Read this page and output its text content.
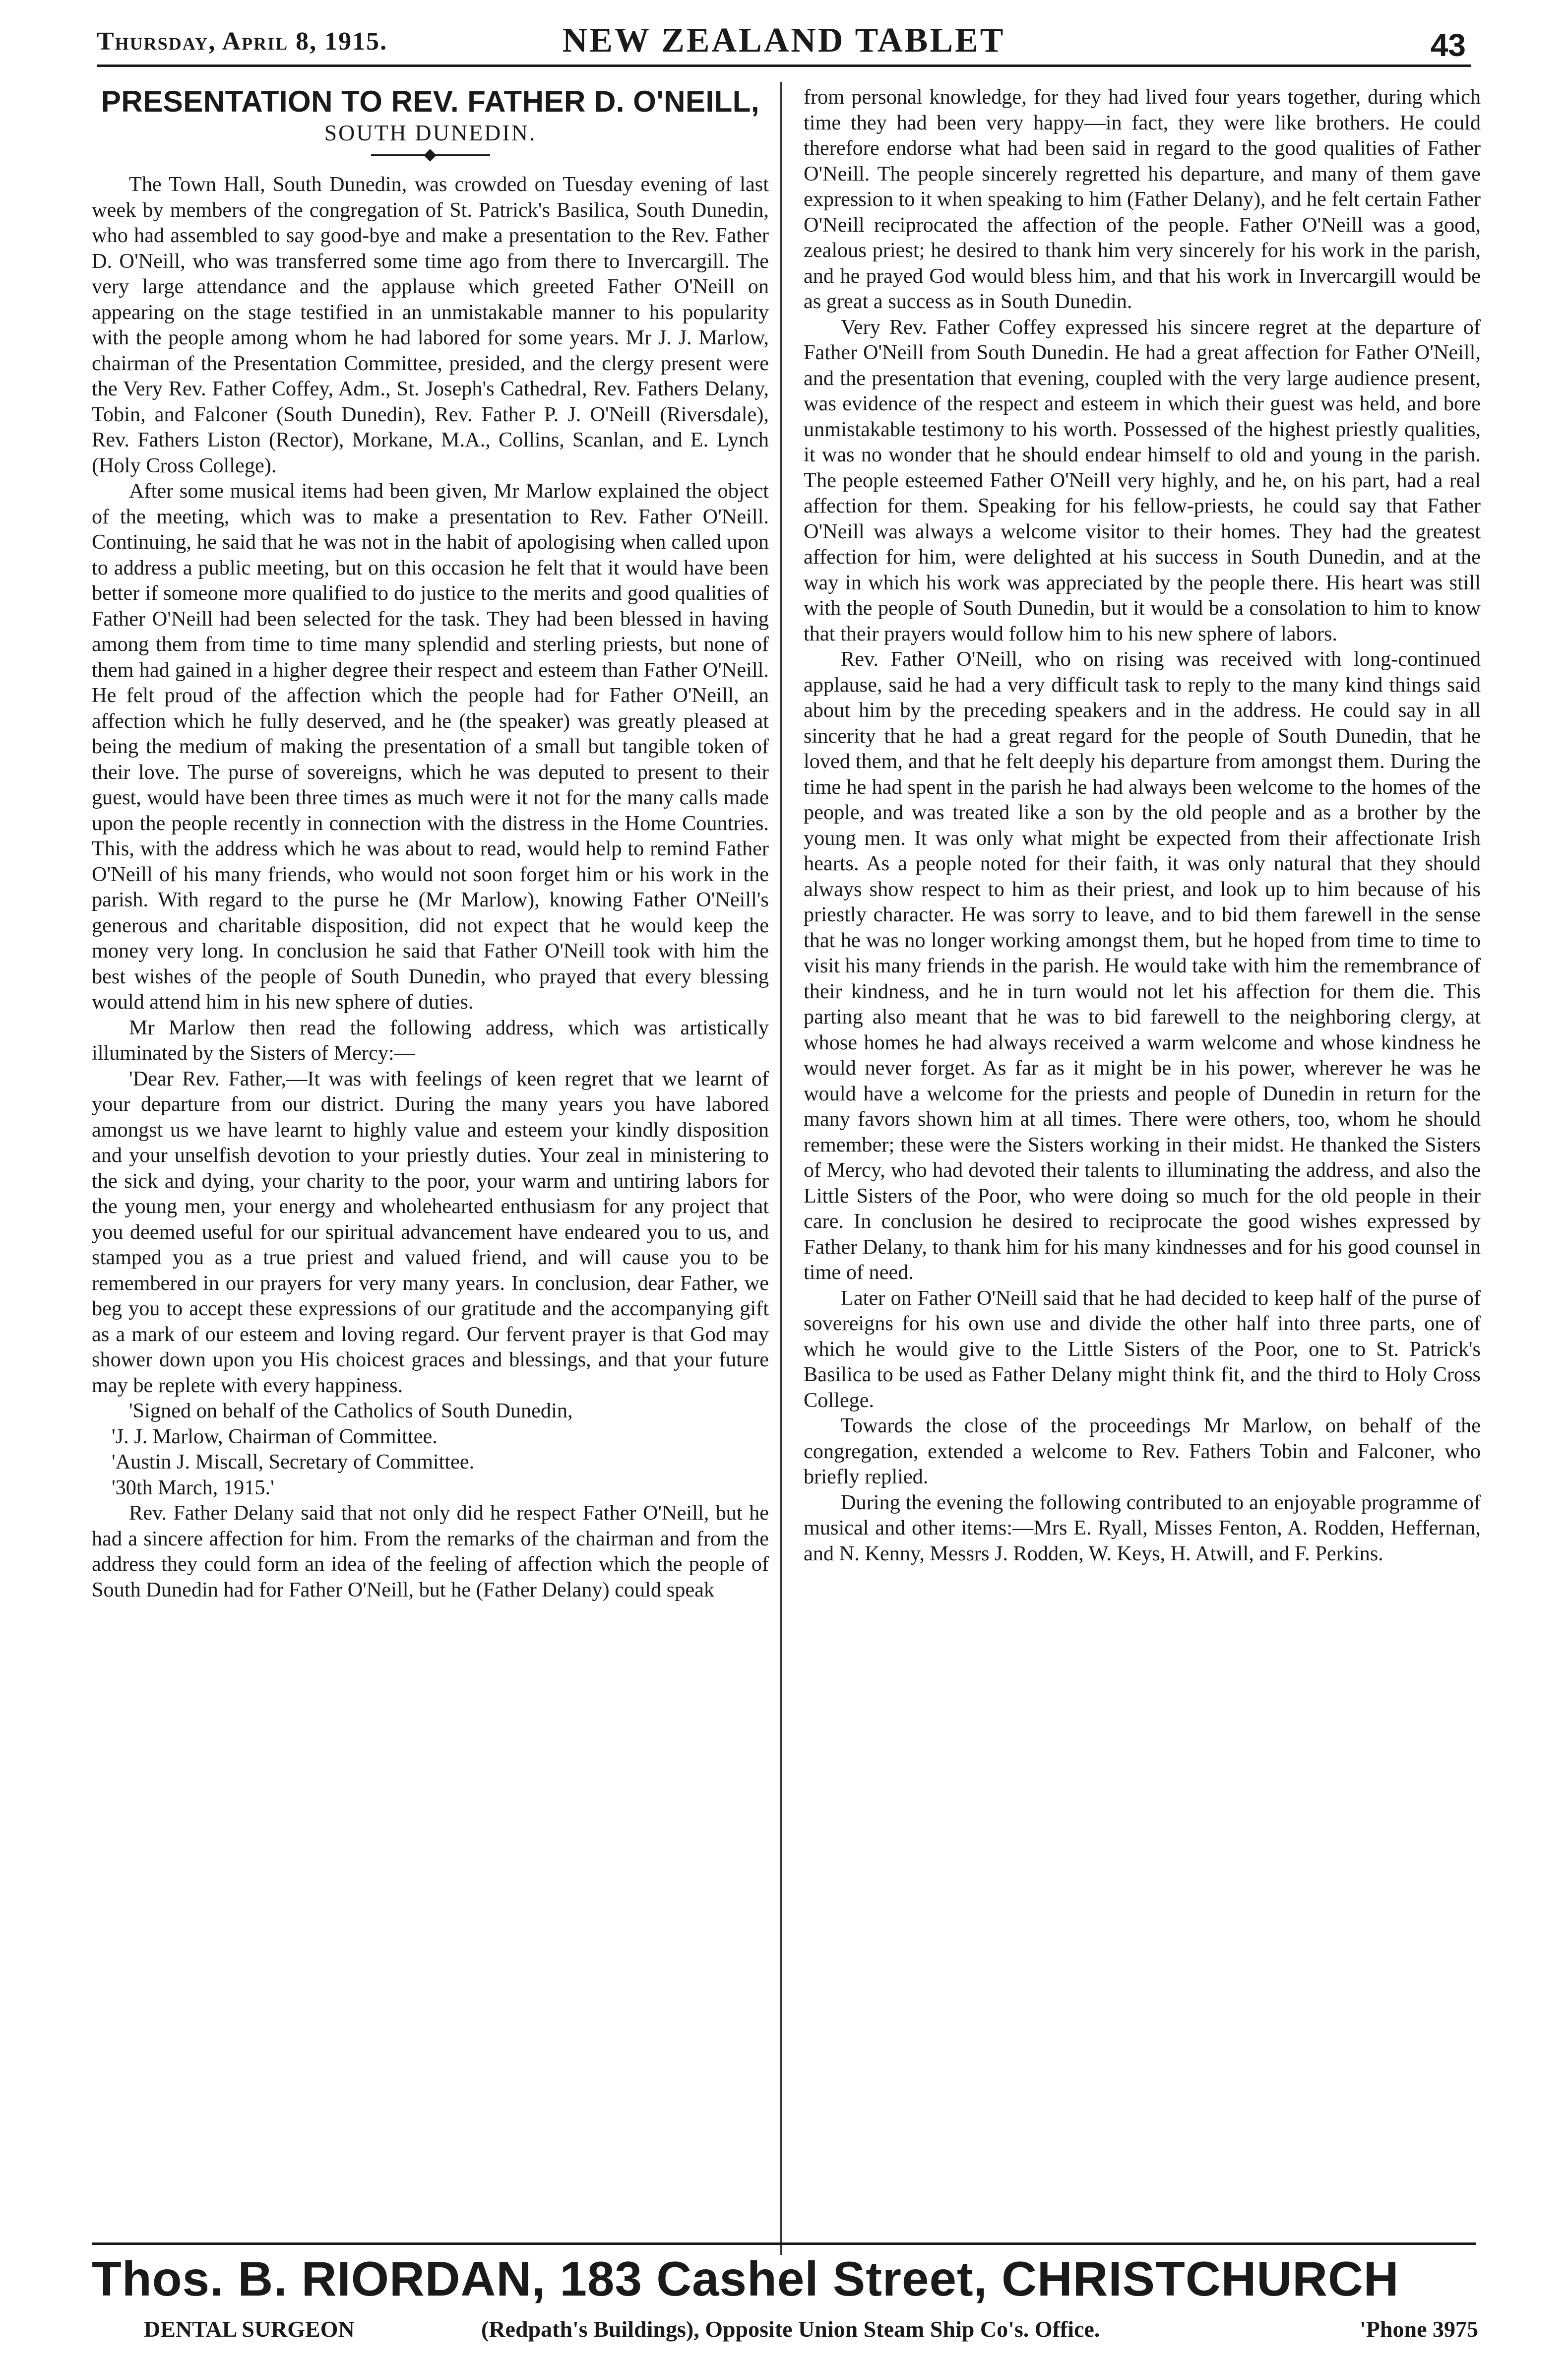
Thursday, April 8, 1915.	NEW ZEALAND TABLET	43
PRESENTATION TO REV. FATHER D. O'NEILL,
SOUTH DUNEDIN.

The Town Hall, South Dunedin, was crowded on Tuesday evening of last week by members of the congregation of St. Patrick's Basilica, South Dunedin, who had assembled to say good-bye and make a presentation to the Rev. Father D. O'Neill, who was transferred some time ago from there to Invercargill. The very large attendance and the applause which greeted Father O'Neill on appearing on the stage testified in an unmistakable manner to his popularity with the people among whom he had labored for some years. Mr J. J. Marlow, chairman of the Presentation Committee, presided, and the clergy present were the Very Rev. Father Coffey, Adm., St. Joseph's Cathedral, Rev. Fathers Delany, Tobin, and Falconer (South Dunedin), Rev. Father P. J. O'Neill (Riversdale), Rev. Fathers Liston (Rector), Morkane, M.A., Collins, Scanlan, and E. Lynch (Holy Cross College).

After some musical items had been given, Mr Marlow explained the object of the meeting, which was to make a presentation to Rev. Father O'Neill. Continuing, he said that he was not in the habit of apologising when called upon to address a public meeting, but on this occasion he felt that it would have been better if someone more qualified to do justice to the merits and good qualities of Father O'Neill had been selected for the task. They had been blessed in having among them from time to time many splendid and sterling priests, but none of them had gained in a higher degree their respect and esteem than Father O'Neill. He felt proud of the affection which the people had for Father O'Neill, an affection which he fully deserved, and he (the speaker) was greatly pleased at being the medium of making the presentation of a small but tangible token of their love. The purse of sovereigns, which he was deputed to present to their guest, would have been three times as much were it not for the many calls made upon the people recently in connection with the distress in the Home Countries. This, with the address which he was about to read, would help to remind Father O'Neill of his many friends, who would not soon forget him or his work in the parish. With regard to the purse he (Mr Marlow), knowing Father O'Neill's generous and charitable disposition, did not expect that he would keep the money very long. In conclusion he said that Father O'Neill took with him the best wishes of the people of South Dunedin, who prayed that every blessing would attend him in his new sphere of duties.

Mr Marlow then read the following address, which was artistically illuminated by the Sisters of Mercy:—

'Dear Rev. Father,—It was with feelings of keen regret that we learnt of your departure from our district. During the many years you have labored amongst us we have learnt to highly value and esteem your kindly disposition and your unselfish devotion to your priestly duties. Your zeal in ministering to the sick and dying, your charity to the poor, your warm and untiring labors for the young men, your energy and wholehearted enthusiasm for any project that you deemed useful for our spiritual advancement have endeared you to us, and stamped you as a true priest and valued friend, and will cause you to be remembered in our prayers for very many years. In conclusion, dear Father, we beg you to accept these expressions of our gratitude and the accompanying gift as a mark of our esteem and loving regard. Our fervent prayer is that God may shower down upon you His choicest graces and blessings, and that your future may be replete with every happiness.

'Signed on behalf of the Catholics of South Dunedin,

'J. J. Marlow, Chairman of Committee.

'Austin J. Miscall, Secretary of Committee.

'30th March, 1915.'

Rev. Father Delany said that not only did he respect Father O'Neill, but he had a sincere affection for him. From the remarks of the chairman and from the address they could form an idea of the feeling of affection which the people of South Dunedin had for Father O'Neill, but he (Father Delany) could speak

from personal knowledge, for they had lived four years together, during which time they had been very happy—in fact, they were like brothers. He could therefore endorse what had been said in regard to the good qualities of Father O'Neill. The people sincerely regretted his departure, and many of them gave expression to it when speaking to him (Father Delany), and he felt certain Father O'Neill reciprocated the affection of the people. Father O'Neill was a good, zealous priest; he desired to thank him very sincerely for his work in the parish, and he prayed God would bless him, and that his work in Invercargill would be as great a success as in South Dunedin.

Very Rev. Father Coffey expressed his sincere regret at the departure of Father O'Neill from South Dunedin. He had a great affection for Father O'Neill, and the presentation that evening, coupled with the very large audience present, was evidence of the respect and esteem in which their guest was held, and bore unmistakable testimony to his worth. Possessed of the highest priestly qualities, it was no wonder that he should endear himself to old and young in the parish. The people esteemed Father O'Neill very highly, and he, on his part, had a real affection for them. Speaking for his fellow-priests, he could say that Father O'Neill was always a welcome visitor to their homes. They had the greatest affection for him, were delighted at his success in South Dunedin, and at the way in which his work was appreciated by the people there. His heart was still with the people of South Dunedin, but it would be a consolation to him to know that their prayers would follow him to his new sphere of labors.

Rev. Father O'Neill, who on rising was received with long-continued applause, said he had a very difficult task to reply to the many kind things said about him by the preceding speakers and in the address. He could say in all sincerity that he had a great regard for the people of South Dunedin, that he loved them, and that he felt deeply his departure from amongst them. During the time he had spent in the parish he had always been welcome to the homes of the people, and was treated like a son by the old people and as a brother by the young men. It was only what might be expected from their affectionate Irish hearts. As a people noted for their faith, it was only natural that they should always show respect to him as their priest, and look up to him because of his priestly character. He was sorry to leave, and to bid them farewell in the sense that he was no longer working amongst them, but he hoped from time to time to visit his many friends in the parish. He would take with him the remembrance of their kindness, and he in turn would not let his affection for them die. This parting also meant that he was to bid farewell to the neighboring clergy, at whose homes he had always received a warm welcome and whose kindness he would never forget. As far as it might be in his power, wherever he was he would have a welcome for the priests and people of Dunedin in return for the many favors shown him at all times. There were others, too, whom he should remember; these were the Sisters working in their midst. He thanked the Sisters of Mercy, who had devoted their talents to illuminating the address, and also the Little Sisters of the Poor, who were doing so much for the old people in their care. In conclusion he desired to reciprocate the good wishes expressed by Father Delany, to thank him for his many kindnesses and for his good counsel in time of need.

Later on Father O'Neill said that he had decided to keep half of the purse of sovereigns for his own use and divide the other half into three parts, one of which he would give to the Little Sisters of the Poor, one to St. Patrick's Basilica to be used as Father Delany might think fit, and the third to Holy Cross College.

Towards the close of the proceedings Mr Marlow, on behalf of the congregation, extended a welcome to Rev. Fathers Tobin and Falconer, who briefly replied.

During the evening the following contributed to an enjoyable programme of musical and other items:—Mrs E. Ryall, Misses Fenton, A. Rodden, Heffernan, and N. Kenny, Messrs J. Rodden, W. Keys, H. Atwill, and F. Perkins.

Thos. B. RIORDAN, 183 Cashel Street, CHRISTCHURCH
DENTAL SURGEON	(Redpath's Buildings), Opposite Union Steam Ship Co's. Office.	'Phone 3975
